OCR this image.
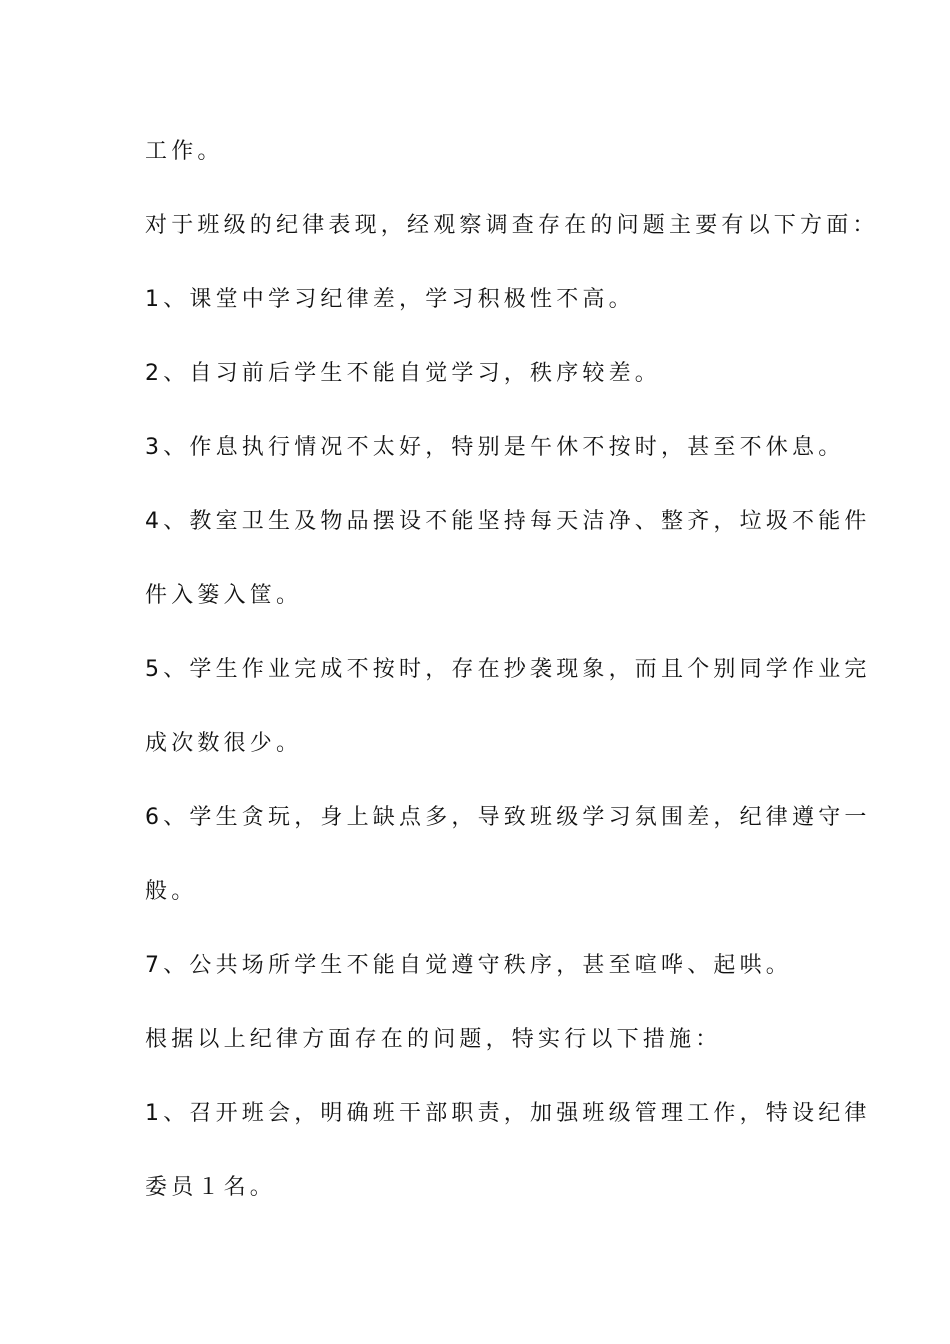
工作。
对于班级的纪律表现，经观察调查存在的问题主要有以下方面：
1、课堂中学习纪律差，学习积极性不高。
2、自习前后学生不能自觉学习，秩序较差。
3、作息执行情况不太好，特别是午休不按时，甚至不休息。
4、教室卫生及物品摆设不能坚持每天洁净、整齐，垃圾不能件
件入篓入筐。
5、学生作业完成不按时，存在抄袭现象，而且个别同学作业完
成次数很少。
6、学生贪玩，身上缺点多，导致班级学习氛围差，纪律遵守一
般。
7、公共场所学生不能自觉遵守秩序，甚至喧哗、起哄。
根据以上纪律方面存在的问题，特实行以下措施：
1、召开班会，明确班干部职责，加强班级管理工作，特设纪律
委员１名。
